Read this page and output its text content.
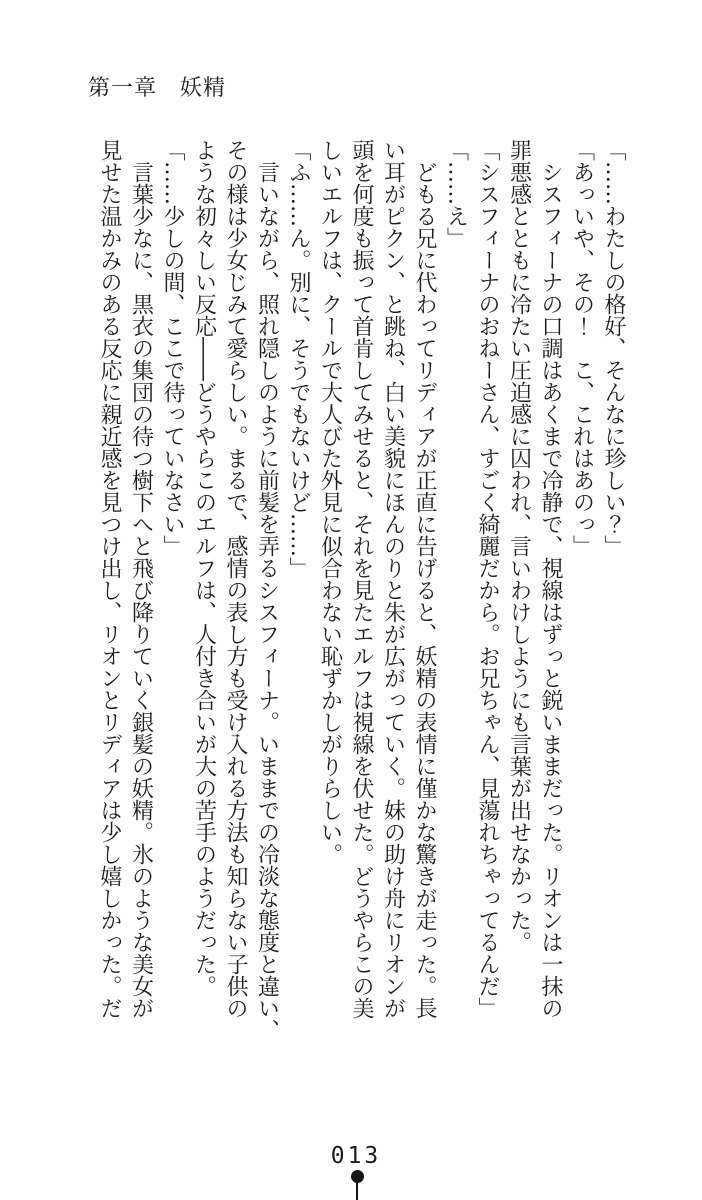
第一章　妖精
「……わたしの格好、そんなに珍しい？」
「あっいや、その！　こ、これはあのっ」
シスフィーナの口調はあくまで冷静で、視線はずっと鋭いままだった。リオンは一抹の
罪悪感とともに冷たい圧迫感に囚われ、言いわけしようにも言葉が出せなかった。
「シスフィーナのおねーさん、すごく綺麗だから。お兄ちゃん、見蕩れちゃってるんだ」
「……え」
どもる兄に代わってリディアが正直に告げると、妖精の表情に僅かな驚きが走った。長
い耳がピクン、と跳ね、白い美貌にほんのりと朱が広がっていく。妹の助け舟にリオンが
頭を何度も振って首肯してみせると、それを見たエルフは視線を伏せた。どうやらこの美
しいエルフは、クールで大人びた外見に似合わない恥ずかしがりらしい。
「ふ……ん。別に、そうでもないけど……」
言いながら、照れ隠しのように前髪を弄るシスフィーナ。いままでの冷淡な態度と違い、
その様は少女じみて愛らしい。まるで、感情の表し方も受け入れる方法も知らない子供の
ような初々しい反応――どうやらこのエルフは、人付き合いが大の苦手のようだった。
「……少しの間、ここで待っていなさい」
言葉少なに、黒衣の集団の待つ樹下へと飛び降りていく銀髪の妖精。氷のような美女が
見せた温かみのある反応に親近感を見つけ出し、リオンとリディアは少し嬉しかった。だ
013
